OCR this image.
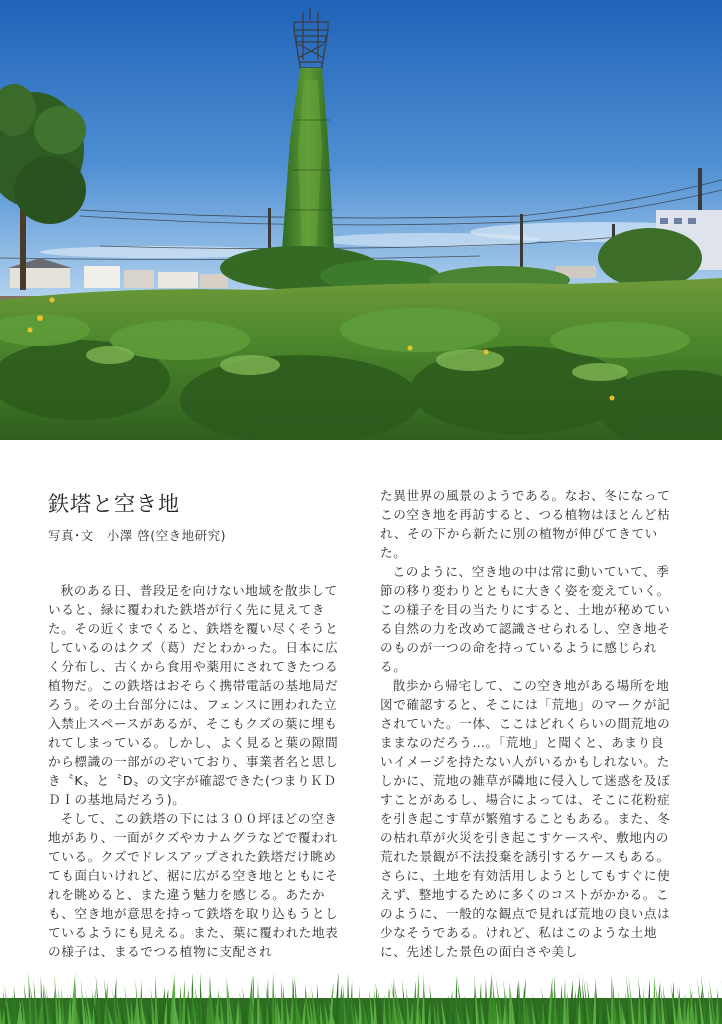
鉄塔と空き地
写真･文　小澤 啓(空き地研究)

秋のある日、普段足を向けない地域を散歩していると、緑に覆われた鉄塔が行く先に見えてきた。その近くまでくると、鉄塔を覆い尽くそうとしているのはクズ（葛）だとわかった。日本に広く分布し、古くから食用や薬用にされてきたつる植物だ。この鉄塔はおそらく携帯電話の基地局だろう。その土台部分には、フェンスに囲われた立入禁止スペースがあるが、そこもクズの葉に埋もれてしまっている。しかし、よく見ると葉の隙間から標識の一部がのぞいており、事業者名と思しき〝K〟と〝D〟の文字が確認できた(つまりＫＤＤＩの基地局だろう)。

そして、この鉄塔の下には３００坪ほどの空き地があり、一面がクズやカナムグラなどで覆われている。クズでドレスアップされた鉄塔だけ眺めても面白いけれど、裾に広がる空き地とともにそれを眺めると、また違う魅力を感じる。あたかも、空き地が意思を持って鉄塔を取り込もうとしているようにも見える。また、葉に覆われた地表の様子は、まるでつる植物に支配され

た異世界の風景のようである。なお、冬になってこの空き地を再訪すると、つる植物はほとんど枯れ、その下から新たに別の植物が伸びてきていた。

このように、空き地の中は常に動いていて、季節の移り変わりとともに大きく姿を変えていく。この様子を目の当たりにすると、土地が秘めている自然の力を改めて認識させられるし、空き地そのものが一つの命を持っているように感じられる。

散歩から帰宅して、この空き地がある場所を地図で確認すると、そこには「荒地」のマークが記されていた。一体、ここはどれくらいの間荒地のままなのだろう…。「荒地」と聞くと、あまり良いイメージを持たない人がいるかもしれない。たしかに、荒地の雑草が隣地に侵入して迷惑を及ぼすことがあるし、場合によっては、そこに花粉症を引き起こす草が繁殖することもある。また、冬の枯れ草が火災を引き起こすケースや、敷地内の荒れた景観が不法投棄を誘引するケースもある。さらに、土地を有効活用しようとしてもすぐに使えず、整地するために多くのコストがかかる。このように、一般的な観点で見れば荒地の良い点は少なそうである。けれど、私はこのような土地に、先述した景色の面白さや美し
